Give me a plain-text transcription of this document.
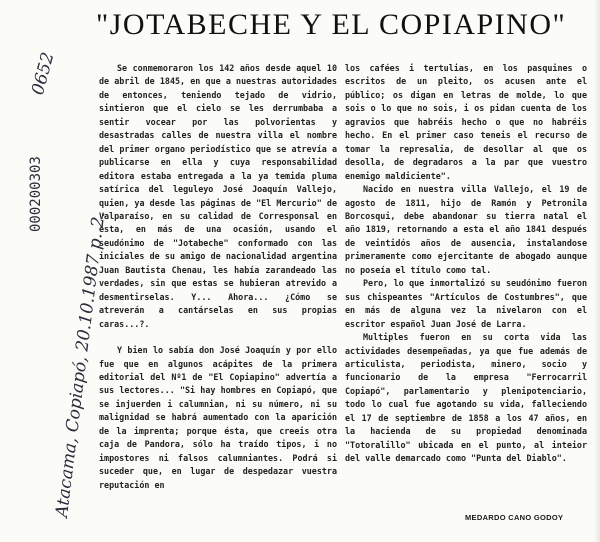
"JOTABECHE Y EL COPIAPINO"

Se conmemoraron los 142 años desde aquel 10 de abril de 1845, en que a nuestras autoridades de entonces, teniendo tejado de vidrio, sintieron que el cielo se les derrumbaba a sentir vocear por las polvorientas y desastradas calles de nuestra villa el nombre del primer organo periodístico que se atrevía a publicarse en ella y cuya responsabilidad editora estaba entregada a la ya temida pluma satírica del leguleyo José Joaquín Vallejo, quien, ya desde las páginas de "El Mercurio" de Valparaíso, en su calidad de Corresponsal en esta, en más de una ocasión, usando el seudónimo de "Jotabeche" conformado con las iniciales de su amigo de nacionalidad argentina Juan Bautista Chenau, les había zarandeado las verdades, sin que estas se hubieran atrevido a desmentirselas. Y... Ahora... ¿Cómo se atreverán a cantárselas en sus propias caras...?.

Y bien lo sabía don José Joaquín y por ello fue que en algunos acápites de la primera editorial del Nº1 de "El Copiapino" advertía a sus lectores... "Si hay hombres en Copiapó, que se injuerden i calumnian, ni su número, ni su malignidad se habrá aumentado con la aparición de la imprenta; porque ésta, que creeis otra caja de Pandora, sólo ha traído tipos, i no impostores ni falsos calumniantes. Podrá si suceder que, en lugar de despedazar vuestra reputación en

los cafées i tertulias, en los pasquines o escritos de un pleito, os acusen ante el público; os digan en letras de molde, lo que sois o lo que no sois, i os pidan cuenta de los agravios que habréis hecho o que no habréis hecho. En el primer caso teneis el recurso de tomar la represalia, de desollar al que os desolla, de degradaros a la par que vuestro enemigo maldiciente".

Nacido en nuestra villa Vallejo, el 19 de agosto de 1811, hijo de Ramón y Petronila Borcosqui, debe abandonar su tierra natal el año 1819, retornando a esta el año 1841 después de veintidós años de ausencia, instalandose primeramente como ejercitante de abogado aunque no poseía el título como tal.

Pero, lo que inmortalizó su seudónimo fueron sus chispeantes "Artículos de Costumbres", que en más de alguna vez la nivelaron con el escritor español Juan José de Larra.

Multiples fueron en su corta vida las actividades desempeñadas, ya que fue además de articulista, periodista, minero, socio y funcionario de la empresa "Ferrocarril Copiapó", parlamentario y plenipotenciario, todo lo cual fue agotando su vida, falleciendo el 17 de septiembre de 1858 a los 47 años, en la hacienda de su propiedad denominada "Totoralillo" ubicada en el punto, al inteior del valle demarcado como "Punta del Diablo".

MEDARDO CANO GODOY
0652
000200303
Atacama, Copiapó, 20.10.1987 p. 2.
